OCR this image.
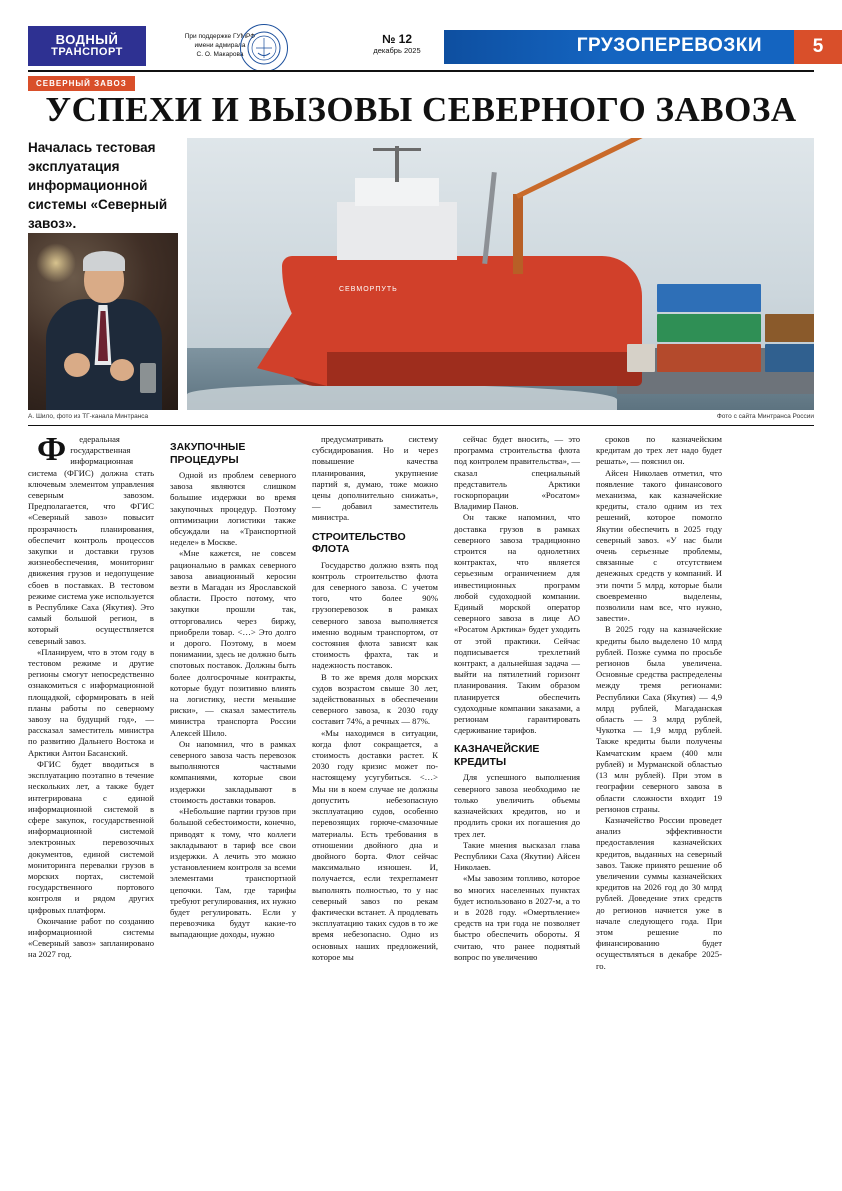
ВОДНЫЙ
ТРАНСПОРТ
При поддержке ГУМРФ
имени адмирала
С. О. Макарова
№ 12
декабрь 2025	ГРУЗОПЕРЕВОЗКИ	5
СЕВЕРНЫЙ ЗАВОЗ
УСПЕХИ И ВЫЗОВЫ СЕВЕРНОГО ЗАВОЗА
Началась тестовая эксплуатация информационной системы «Северный завоз».
А. Шило, фото из ТГ-канала Минтранса
СЕВМОРПУТЬ
Фото с сайта Минтранса России

Ф	едеральная государственная информационная система (ФГИС) должна стать ключевым элементом управления северным завозом. Предполагается, что ФГИС «Северный завоз» повысит прозрачность планирования, обеспечит контроль процессов закупки и доставки грузов жизнеобеспечения, мониторинг движения грузов и недопущение сбоев в поставках. В тестовом режиме система уже используется в Республике Саха (Якутия). Это самый большой регион, в который осуществляется северный завоз.

«Планируем, что в этом году в тестовом режиме и другие регионы смогут непосредственно ознакомиться с информационной площадкой, сформировать в ней планы работы по северному завозу на будущий год», — рассказал заместитель министра по развитию Дальнего Востока и Арктики Антон Басанский.

ФГИС будет вводиться в эксплуатацию поэтапно в течение нескольких лет, а также будет интегрирована с единой информационной системой в сфере закупок, государственной информационной системой электронных перевозочных документов, единой системой мониторинга перевалки грузов в морских портах, системой государственного портового контроля и рядом других цифровых платформ.

Окончание работ по созданию информационной системы «Северный завоз» запланировано на 2027 год.

ЗАКУПОЧНЫЕ ПРОЦЕДУРЫ

Одной из проблем северного завоза являются слишком большие издержки во время закупочных процедур. Поэтому оптимизации логистики также обсуждали на «Транспортной неделе» в Москве.

«Мне кажется, не совсем рационально в рамках северного завоза авиационный керосин везти в Магадан из Ярославской области. Просто потому, что закупки прошли так, отторговались через биржу, приобрели товар. <…> Это долго и дорого. Поэтому, в моем понимании, здесь не должно быть спотовых поставок. Должны быть более долгосрочные контракты, которые будут позитивно влиять на логистику, нести меньшие риски», — сказал заместитель министра транспорта России Алексей Шило.

Он напомнил, что в рамках северного завоза часть перевозок выполняются частными компаниями, которые свои издержки закладывают в стоимость доставки товаров.

«Небольшие партии грузов при большой себестоимости, конечно, приводят к тому, что коллеги закладывают в тариф все свои издержки. А лечить это можно установлением контроля за всеми элементами транспортной цепочки. Там, где тарифы требуют регулирования, их нужно будет регулировать. Если у перевозчика будут какие-то выпадающие доходы, нужно

предусматривать систему субсидирования. Но и через повышение качества планирования, укрупнение партий я, думаю, тоже можно цены дополнительно снижать», — добавил заместитель министра.

СТРОИТЕЛЬСТВО ФЛОТА

Государство должно взять под контроль строительство флота для северного завоза. С учетом того, что более 90% грузоперевозок в рамках северного завоза выполняется именно водным транспортом, от состояния флота зависят как стоимость фрахта, так и надежность поставок.

В то же время доля морских судов возрастом свыше 30 лет, задействованных в обеспечении северного завоза, к 2030 году составит 74%, а речных — 87%.

«Мы находимся в ситуации, когда флот сокращается, а стоимость доставки растет. К 2030 году кризис может по-настоящему усугубиться. <…> Мы ни в коем случае не должны допустить небезопасную эксплуатацию судов, особенно перевозящих горюче-смазочные материалы. Есть требования в отношении двойного дна и двойного борта. Флот сейчас максимально изношен. И, получается, если техрегламент выполнять полностью, то у нас северный завоз по рекам фактически встанет. А продлевать эксплуатацию таких судов в то же время небезопасно. Одно из основных наших предложений, которое мы

сейчас будет вносить, — это программа строительства флота под контролем правительства», — сказал специальный представитель Арктики госкорпорации «Росатом» Владимир Панов.

Он также напомнил, что доставка грузов в рамках северного завоза традиционно строится на однолетних контрактах, что является серьезным ограничением для инвестиционных программ любой судоходной компании. Единый морской оператор северного завоза в лице АО «Росатом Арктика» будет уходить от этой практики. Сейчас подписывается трехлетний контракт, а дальнейшая задача — выйти на пятилетний горизонт планирования. Таким образом планируется обеспечить судоходные компании заказами, а регионам гарантировать сдерживание тарифов.

КАЗНАЧЕЙСКИЕ КРЕДИТЫ

Для успешного выполнения северного завоза необходимо не только увеличить объемы казначейских кредитов, но и продлить сроки их погашения до трех лет.

Такие мнения высказал глава Республики Саха (Якутии) Айсен Николаев.

«Мы завозим топливо, которое во многих населенных пунктах будет использовано в 2027-м, а то и в 2028 году. «Омертвление» средств на три года не позволяет быстро обеспечить обороты. Я считаю, что ранее поднятый вопрос по увеличению

сроков по казначейским кредитам до трех лет надо будет решать», — пояснил он.

Айсен Николаев отметил, что появление такого финансового механизма, как казначейские кредиты, стало одним из тех решений, которое помогло Якутии обеспечить в 2025 году северный завоз. «У нас были очень серьезные проблемы, связанные с отсутствием денежных средств у компаний. И эти почти 5 млрд, которые были своевременно выделены, позволили нам все, что нужно, завести».

В 2025 году на казначейские кредиты было выделено 10 млрд рублей. Позже сумма по просьбе регионов была увеличена. Основные средства распределены между тремя регионами: Республики Саха (Якутия) — 4,9 млрд рублей, Магаданская область — 3 млрд рублей, Чукотка — 1,9 млрд рублей. Также кредиты были получены Камчатским краем (400 млн рублей) и Мурманской областью (13 млн рублей). При этом в географии северного завоза в области сложности входит 19 регионов страны.

Казначейство России проведет анализ эффективности предоставления казначейских кредитов, выданных на северный завоз. Также принято решение об увеличении суммы казначейских кредитов на 2026 год до 30 млрд рублей. Доведение этих средств до регионов начнется уже в начале следующего года. При этом решение по финансированию будет осуществляться в декабре 2025-го.
